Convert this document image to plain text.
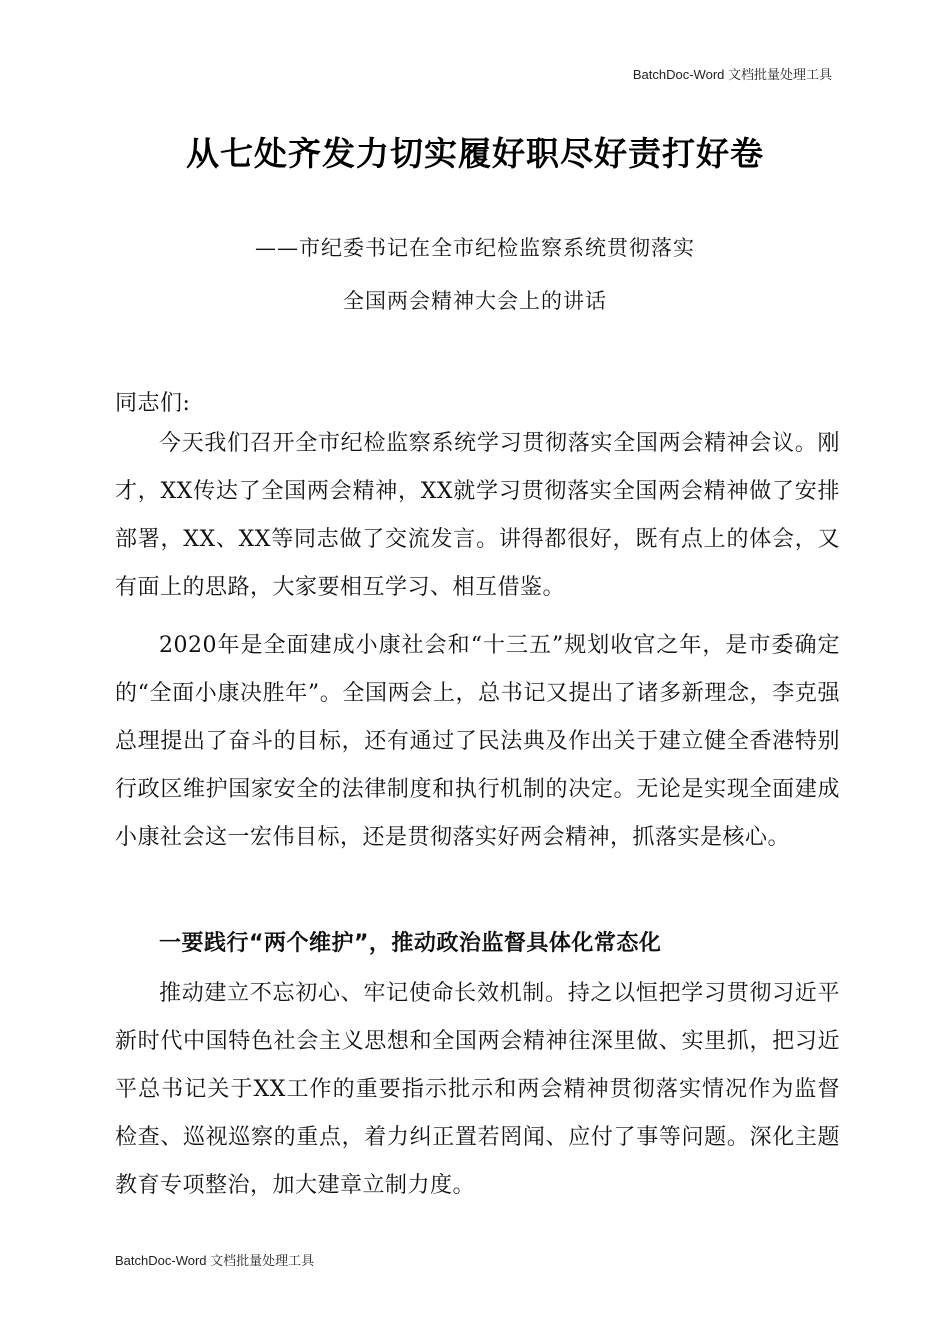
BatchDoc-Word 文档批量处理工具
从七处齐发力切实履好职尽好责打好卷
——市纪委书记在全市纪检监察系统贯彻落实
全国两会精神大会上的讲话
同志们:
今天我们召开全市纪检监察系统学习贯彻落实全国两会精神会议。刚才，XX传达了全国两会精神，XX就学习贯彻落实全国两会精神做了安排部署，XX、XX等同志做了交流发言。讲得都很好，既有点上的体会，又有面上的思路，大家要相互学习、相互借鉴。
2020年是全面建成小康社会和“十三五”规划收官之年，是市委确定的“全面小康决胜年”。全国两会上，总书记又提出了诸多新理念，李克强总理提出了奋斗的目标，还有通过了民法典及作出关于建立健全香港特别行政区维护国家安全的法律制度和执行机制的决定。无论是实现全面建成小康社会这一宏伟目标，还是贯彻落实好两会精神，抓落实是核心。
一要践行“两个维护”，推动政治监督具体化常态化
推动建立不忘初心、牢记使命长效机制。持之以恒把学习贯彻习近平新时代中国特色社会主义思想和全国两会精神往深里做、实里抓，把习近平总书记关于XX工作的重要指示批示和两会精神贯彻落实情况作为监督检查、巡视巡察的重点，着力纠正置若罔闻、应付了事等问题。深化主题教育专项整治，加大建章立制力度。
BatchDoc-Word 文档批量处理工具
